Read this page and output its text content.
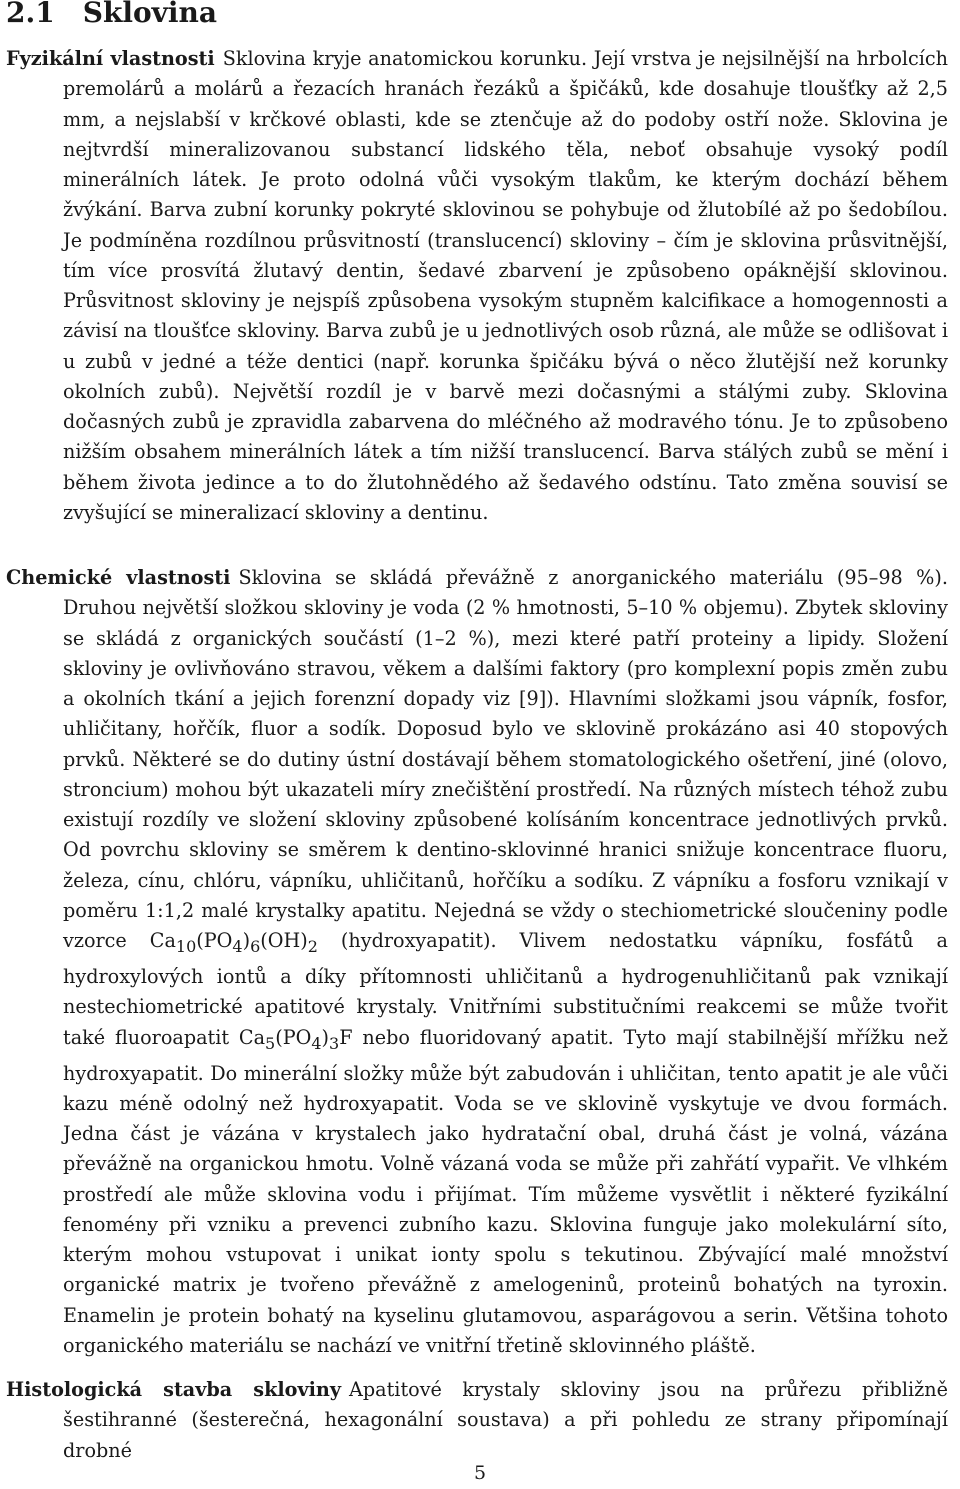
2.1 Sklovina
Fyzikální vlastnosti Sklovina kryje anatomickou korunku. Její vrstva je nejsilnější na hrbolcích premolárů a molárů a řezacích hranách řezáků a špičáků, kde dosahuje tloušťky až 2,5 mm, a nejslabší v krčkové oblasti, kde se ztenčuje až do podoby ostří nože. Sklovina je nejtvrdší mineralizovanou substancí lidského těla, neboť obsahuje vysoký podíl minerálních látek. Je proto odolná vůči vysokým tlakům, ke kterým dochází během žvýkání. Barva zubní korunky pokryté sklovinou se pohybuje od žlutobílé až po šedobílou. Je podmíněna rozdílnou průsvitností (translucencí) skloviny – čím je sklovina průsvitnější, tím více prosvítá žlutavý dentin, šedavé zbarvení je způsobeno opáknější sklovinou. Průsvitnost skloviny je nejspíš způsobena vysokým stupněm kalcifikace a homogennosti a závisí na tloušťce skloviny. Barva zubů je u jednotlivých osob různá, ale může se odlišovat i u zubů v jedné a téže dentici (např. korunka špičáku bývá o něco žlutější než korunky okolních zubů). Největší rozdíl je v barvě mezi dočasnými a stálými zuby. Sklovina dočasných zubů je zpravidla zabarvena do mléčného až modravého tónu. Je to způsobeno nižším obsahem minerálních látek a tím nižší translucencí. Barva stálých zubů se mění i během života jedince a to do žlutohnědého až šedavého odstínu. Tato změna souvisí se zvyšující se mineralizací skloviny a dentinu.
Chemické vlastnosti Sklovina se skládá převážně z anorganického materiálu (95–98 %). Druhou největší složkou skloviny je voda (2 % hmotnosti, 5–10 % objemu). Zbytek skloviny se skládá z organických součástí (1–2 %), mezi které patří proteiny a lipidy. Složení skloviny je ovlivňováno stravou, věkem a dalšími faktory (pro komplexní popis změn zubu a okolních tkání a jejich forenzní dopady viz [9]). Hlavními složkami jsou vápník, fosfor, uhličitany, hořčík, fluor a sodík. Doposud bylo ve sklovině prokázáno asi 40 stopových prvků. Některé se do dutiny ústní dostávají během stomatologického ošetření, jiné (olovo, stroncium) mohou být ukazateli míry znečištění prostředí. Na různých místech téhož zubu existují rozdíly ve složení skloviny způsobené kolísáním koncentrace jednotlivých prvků. Od povrchu skloviny se směrem k dentino-sklovinné hranici snižuje koncentrace fluoru, železa, cínu, chlóru, vápníku, uhličitanů, hořčíku a sodíku. Z vápníku a fosforu vznikají v poměru 1:1,2 malé krystalky apatitu. Nejedná se vždy o stechiometrické sloučeniny podle vzorce $Ca_{10}(PO_4)_6(OH)_2$ (hydroxyapatit). Vlivem nedostatku vápníku, fosfátů a hydroxylových iontů a díky přítomnosti uhličitanů a hydrogenuhličitanů pak vznikají nestechiometrické apatitové krystaly. Vnitřními substitučními reakcemi se může tvořit také fluoroapatit $Ca_5(PO_4)_3F$ nebo fluoridovaný apatit. Tyto mají stabilnější mřížku než hydroxyapatit. Do minerální složky může být zabudován i uhličitan, tento apatit je ale vůči kazu méně odolný než hydroxyapatit. Voda se ve sklovině vyskytuje ve dvou formách. Jedna část je vázána v krystalech jako hydratační obal, druhá část je volná, vázána převážně na organickou hmotu. Volně vázaná voda se může při zahřátí vypařit. Ve vlhkém prostředí ale může sklovina vodu i přijímat. Tím můžeme vysvětlit i některé fyzikální fenomény při vzniku a prevenci zubního kazu. Sklovina funguje jako molekulární síto, kterým mohou vstupovat i unikat ionty spolu s tekutinou. Zbývající malé množství organické matrix je tvořeno převážně z amelogeninů, proteinů bohatých na tyroxin. Enamelin je protein bohatý na kyselinu glutamovou, asparágovou a serin. Většina tohoto organického materiálu se nachází ve vnitřní třetině sklovinného pláště.
Histologická stavba skloviny Apatitové krystaly skloviny jsou na průřezu přibližně šestihranné (šesterečná, hexagonální soustava) a při pohledu ze strany připomínají drobné
5
